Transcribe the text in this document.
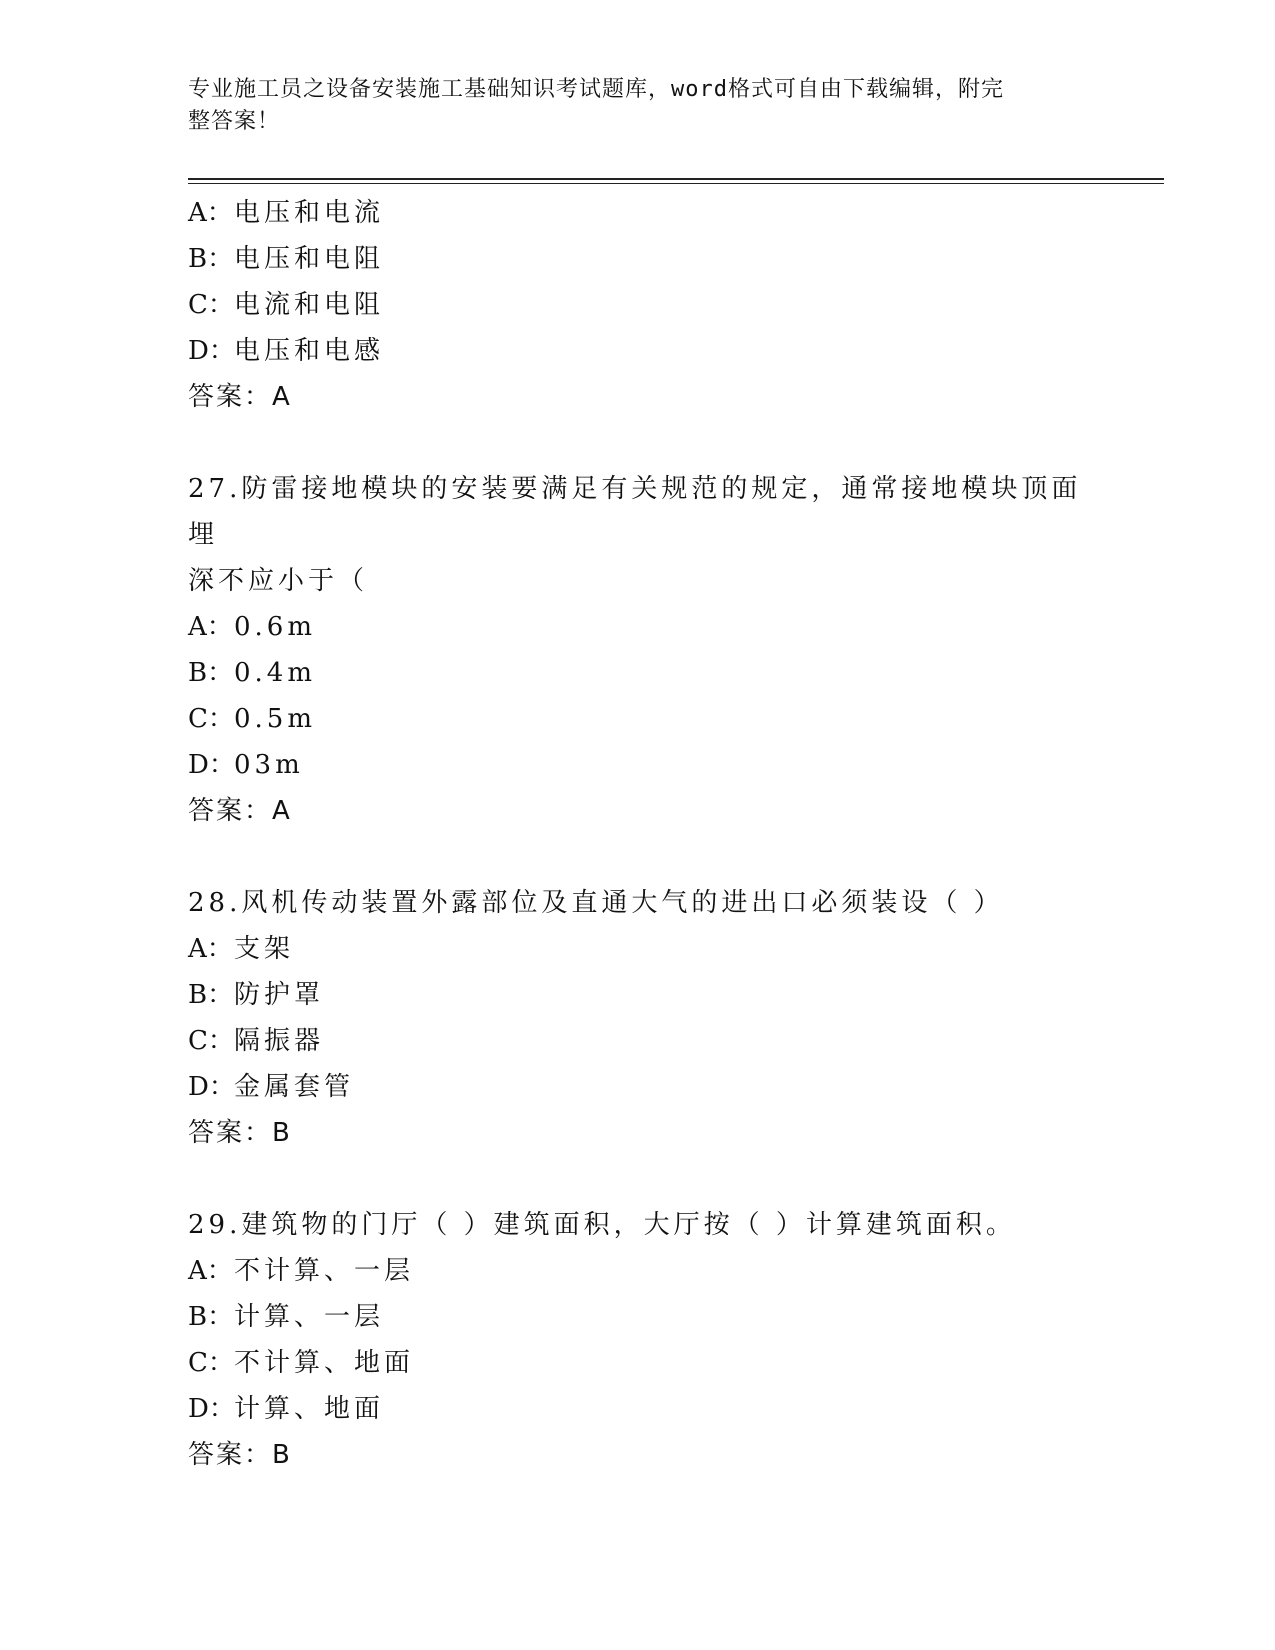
专业施工员之设备安装施工基础知识考试题库，word格式可自由下载编辑，附完
整答案！
A：电压和电流
B：电压和电阻
C：电流和电阻
D：电压和电感
答案：A
27.防雷接地模块的安装要满足有关规范的规定，通常接地模块顶面埋
深不应小于（
A：0.6m
B：0.4m
C：0.5m
D：03m
答案：A
28.风机传动装置外露部位及直通大气的进出口必须装设（ ）
A：支架
B：防护罩
C：隔振器
D：金属套管
答案：B
29.建筑物的门厅（ ）建筑面积，大厅按（ ）计算建筑面积。
A：不计算、一层
B：计算、一层
C：不计算、地面
D：计算、地面
答案：B
